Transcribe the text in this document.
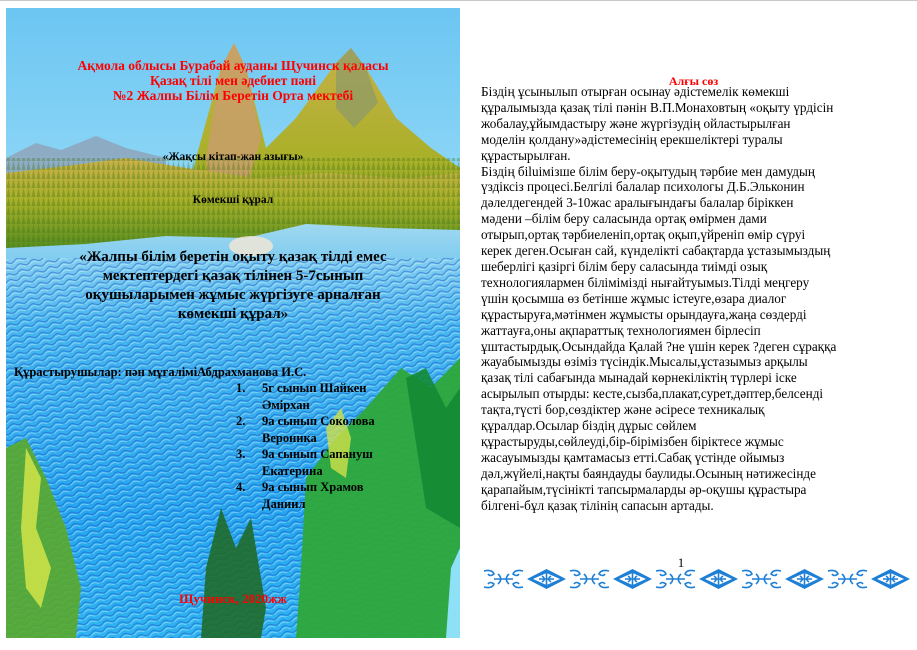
Ақмола облысы Бурабай ауданы Щучинск қаласы
Қазақ тілі мен әдебиет пәні
№2 Жалпы Білім Беретін Орта мектебі
«Жақсы кітап-жан азығы»
Көмекші құрал
«Жалпы білім беретін оқыту қазақ тілді емес
мектептердегі қазақ тілінен 5-7сынып
оқушыларымен жұмыс жүргізуге арналған
көмекші құрал»
Құрастырушылар: пән мұғаліміАбдрахманова И.С.
1. 5г сынып Шайкен
Әмірхан
2. 9а сынып Соколова
Вероника
3. 9а сынып Сапануш
Екатерина
4. 9а сынып Храмов
Даниил
Щучинск, 2020жж
Алғы сөз
Біздің ұсынылып отырған осынау әдістемелік көмекші
құралымызда қазақ тілі пәнін В.П.Монаховтың «оқыту үрдісін
жобалау,ұйымдастыру және жүргізудің ойластырылған
моделін қолдану»әдістемесінің ерекшеліктері туралы
құрастырылған.
Біздің біluiмізше білім беру-оқытудың тәрбие мен дамудың
үздіксіз процесі.Белгілі балалар психологы Д.Б.Эльконин
дәлелдегендей 3-10жас аралығындағы балалар біріккен
мәдени –білім беру саласында ортақ өмірмен дами
отырып,ортақ тәрбиеленіп,ортақ оқып,үйреніп өмір сүруі
керек деген.Осыған сай, күнделікті сабақтарда ұстазымыздың
шеберлігі қазіргі білім беру саласында тиімді озық
технологиялармен білімімізді нығайтуымыз.Тілді меңгеру
үшін қосымша өз бетінше жұмыс істеуге,өзара диалог
құрастыруға,мәтінмен жұмысты орындауға,жаңа сөздерді
жаттауға,оны ақпараттық технологиямен бірлесіп
ұштастырдық.Осындайда Қалай ?не үшін керек ?деген сұраққа
жауабымызды өзіміз түсіндік.Мысалы,ұстазымыз арқылы
қазақ тілі сабағында мынадай көрнекіліктің түрлері іске
асырылып отырды: кесте,сызба,плакат,сурет,дәптер,белсенді
тақта,түсті бор,сөздіктер және әсіресе техникалық
құралдар.Осылар біздің дұрыс сөйлем
құрастыруды,сөйлеуді,бір-бірімізбен біріктесе жұмыс
жасауымызды қамтамасыз етті.Сабақ үстінде ойымыз
дәл,жүйелі,нақты баяндауды баулиды.Осының нәтижесінде
қарапайым,түсінікті тапсырмаларды әр-оқушы құрастыра
білгені-бұл қазақ тілінің сапасын артады.
1
